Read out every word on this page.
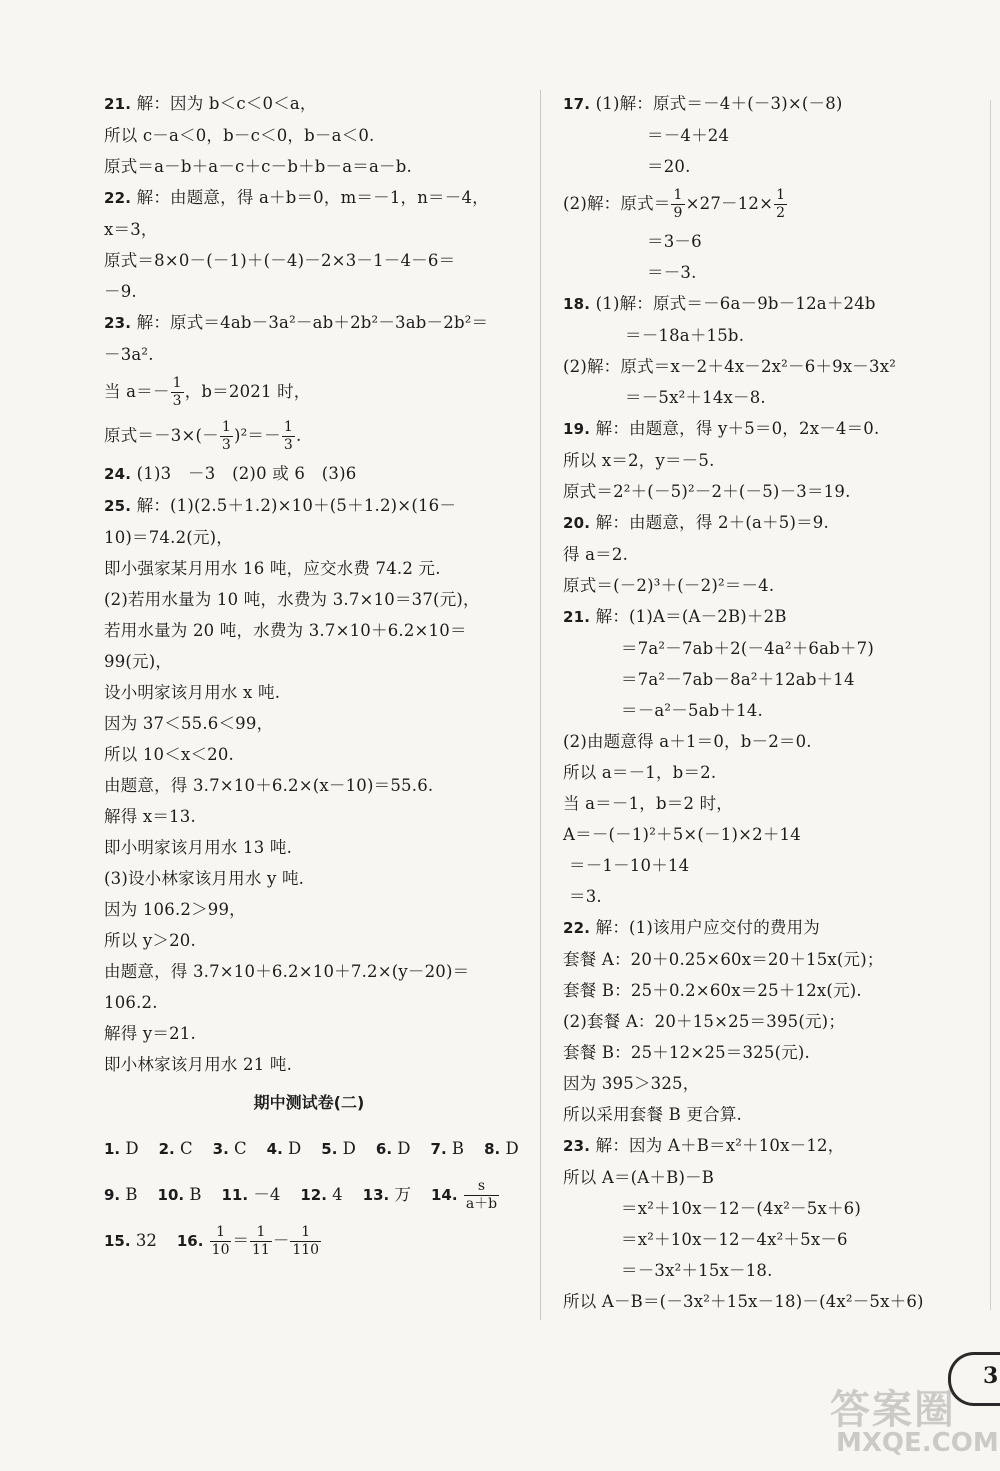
21. 解：因为 b＜c＜0＜a，
所以 c－a＜0，b－c＜0，b－a＜0.
原式＝a－b＋a－c＋c－b＋b－a＝a－b.
22. 解：由题意，得 a＋b＝0，m＝－1，n＝－4，
x＝3，
原式＝8×0－(－1)＋(－4)－2×3－1－4－6＝
－9.
23. 解：原式＝4ab－3a²－ab＋2b²－3ab－2b²＝
－3a².
当 $a=- \frac{1}{3}$ ，b＝2021 时，
原式$=-3\times(- \frac{1}{3} )^2=- \frac{1}{3}$ .
24. (1)3　－3　(2)0 或 6　(3)6
25. 解：(1)(2.5＋1.2)×10＋(5＋1.2)×(16－
10)＝74.2(元)，
即小强家某月用水 16 吨，应交水费 74.2 元.
(2)若用水量为 10 吨，水费为 3.7×10＝37(元)，
若用水量为 20 吨，水费为 3.7×10＋6.2×10＝
99(元)，
设小明家该月用水 x 吨.
因为 37＜55.6＜99，
所以 10＜x＜20.
由题意，得 3.7×10＋6.2×(x－10)＝55.6.
解得 x＝13.
即小明家该月用水 13 吨.
(3)设小林家该月用水 y 吨.
因为 106.2＞99，
所以 y＞20.
由题意，得 3.7×10＋6.2×10＋7.2×(y－20)＝
106.2.
解得 y＝21.
即小林家该月用水 21 吨.
期中测试卷(二)
1. D 2. C 3. C 4. D 5. D 6. D 7. B 8. D
9. B 10. B 11. －4 12. 4 13. 万 14. $\frac{s}{a+b}$
15. 32 16. $\frac{1}{10} = \frac{1}{11} - \frac{1}{110}$
17. (1)解：原式＝－4＋(－3)×(－8)
＝－4＋24
＝20.
(2)解：原式＝ $\frac{1}{9} \times 27-12\times \frac{1}{2}$
＝3－6
＝－3.
18. (1)解：原式＝－6a－9b－12a＋24b
＝－18a＋15b.
(2)解：原式＝x－2＋4x－2x²－6＋9x－3x²
＝－5x²＋14x－8.
19. 解：由题意，得 y＋5＝0，2x－4＝0.
所以 x＝2，y＝－5.
原式＝2²＋(－5)²－2＋(－5)－3＝19.
20. 解：由题意，得 2＋(a＋5)＝9.
得 a＝2.
原式＝(－2)³＋(－2)²＝－4.
21. 解：(1)A＝(A－2B)＋2B
＝7a²－7ab＋2(－4a²＋6ab＋7)
＝7a²－7ab－8a²＋12ab＋14
＝－a²－5ab＋14.
(2)由题意得 a＋1＝0，b－2＝0.
所以 a＝－1，b＝2.
当 a＝－1，b＝2 时，
A＝－(－1)²＋5×(－1)×2＋14
＝－1－10＋14
＝3.
22. 解：(1)该用户应交付的费用为
套餐 A：20＋0.25×60x＝20＋15x(元)；
套餐 B：25＋0.2×60x＝25＋12x(元).
(2)套餐 A：20＋15×25＝395(元)；
套餐 B：25＋12×25＝325(元).
因为 395＞325，
所以采用套餐 B 更合算.
23. 解：因为 A＋B＝x²＋10x－12，
所以 A＝(A＋B)－B
＝x²＋10x－12－(4x²－5x＋6)
＝x²＋10x－12－4x²＋5x－6
＝－3x²＋15x－18.
所以 A－B＝(－3x²＋15x－18)－(4x²－5x＋6)
3
答案圈
MXQE.COM
